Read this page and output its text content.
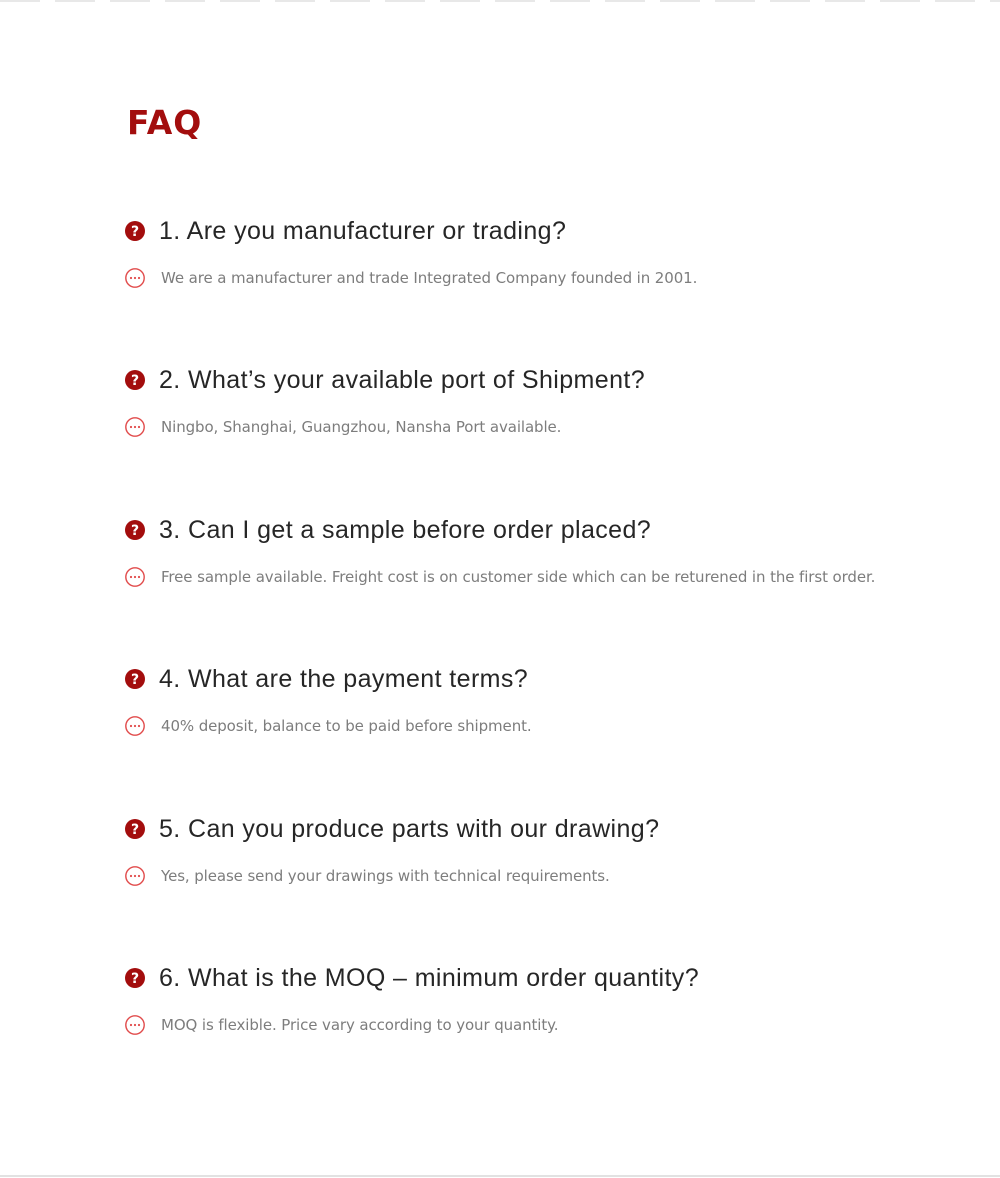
FAQ
? 1. Are you manufacturer or trading?
We are a manufacturer and trade Integrated Company founded in 2001.
? 2. What’s your available port of Shipment?
Ningbo, Shanghai, Guangzhou, Nansha Port available.
? 3. Can I get a sample before order placed?
Free sample available. Freight cost is on customer side which can be returened in the first order.
? 4. What are the payment terms?
40% deposit, balance to be paid before shipment.
? 5. Can you produce parts with our drawing?
Yes, please send your drawings with technical requirements.
? 6. What is the MOQ – minimum order quantity?
MOQ is flexible. Price vary according to your quantity.
